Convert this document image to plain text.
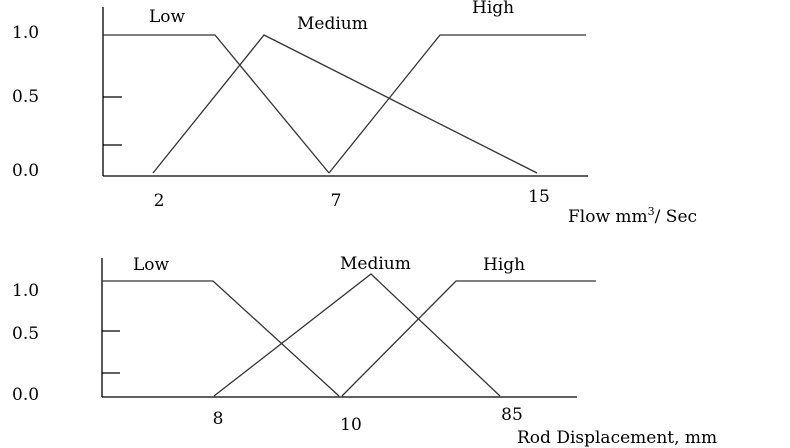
1.0
0.5
0.0
2	7	15
Flow $mm^3/$ Sec
Low	Medium
High
1.0
0.5
0.0
8	10	85
Rod Displacement, mm
Low	Medium	High
